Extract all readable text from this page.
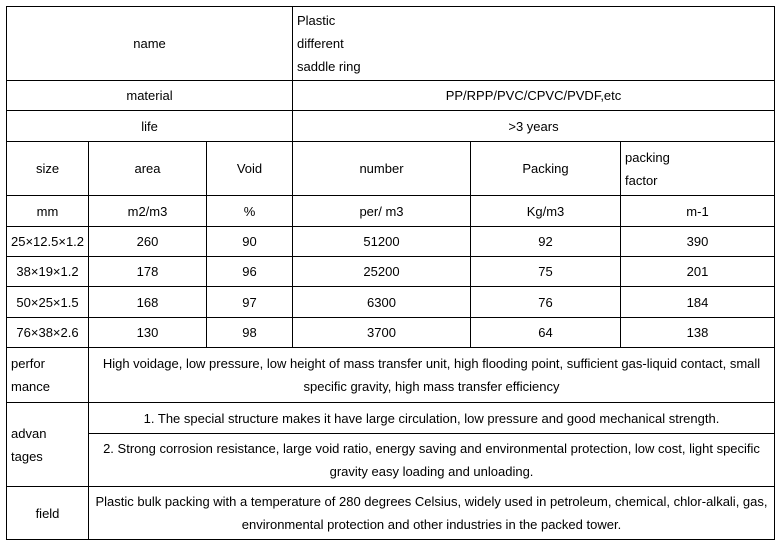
name			Plastic
different
saddle ring		

material			PP/RPP/PVC/CPVC/PVDF,etc		
life			>3 years		
size	area	Void	number	Packing	packing
factor

mm	m2/m3	%	per/ m3	Kg/m3	m-1
25×12.5×1.2	260	90	51200	92	390
38×19×1.2	178	96	25200	75	201
50×25×1.5	168	97	6300	76	184
76×38×2.6	130	98	3700	64	138

perfor
mance	High voidage, low pressure, low height of mass transfer unit, high flooding point, sufficient gas-liquid contact, small specific gravity, high mass transfer efficiency				

advan
tages	1. The special structure makes it have large circulation, low pressure and good mechanical strength.				
	2. Strong corrosion resistance, large void ratio, energy saving and environmental protection, low cost, light specific gravity easy loading and unloading.				
field	Plastic bulk packing with a temperature of 280 degrees Celsius, widely used in petroleum, chemical, chlor-alkali, gas, environmental protection and other industries in the packed tower.				
